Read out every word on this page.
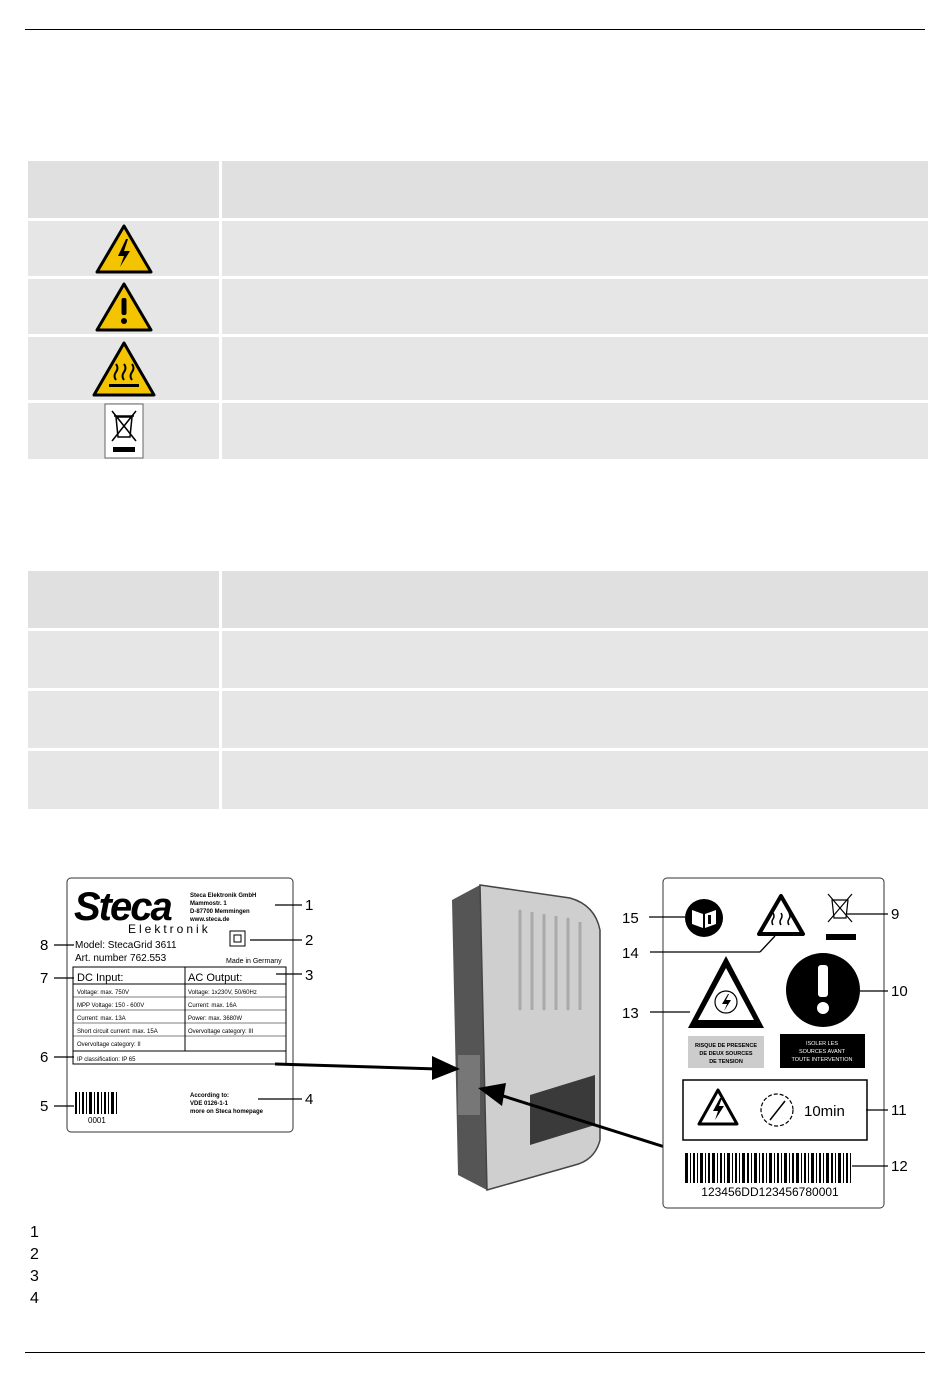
Steca
Elektronik
Steca Elektronik GmbH
Mammostr. 1
D-87700 Memmingen
www.steca.de
Made in Germany
Model: StecaGrid 3611
Art. number 762.553
DC Input:	AC Output:
Voltage: max. 750V
MPP Voltage: 150 - 600V
Current: max. 13A
Short circuit current: max. 15A
Overvoltage category: II
Voltage: 1x230V, 50/60Hz
Current: max. 16A
Power: max. 3680W
Overvoltage category: III
IP classification: IP 65
0001
According to:
VDE 0126-1-1
more on Steca homepage
1
2
3
4
5
6
7
8
RISQUE DE PRESENCE
DE DEUX SOURCES
DE TENSION
ISOLER LES
SOURCES AVANT
TOUTE INTERVENTION
10min
123456DD123456780001
9
10
11
12
13
14
15
1
2
3
4
